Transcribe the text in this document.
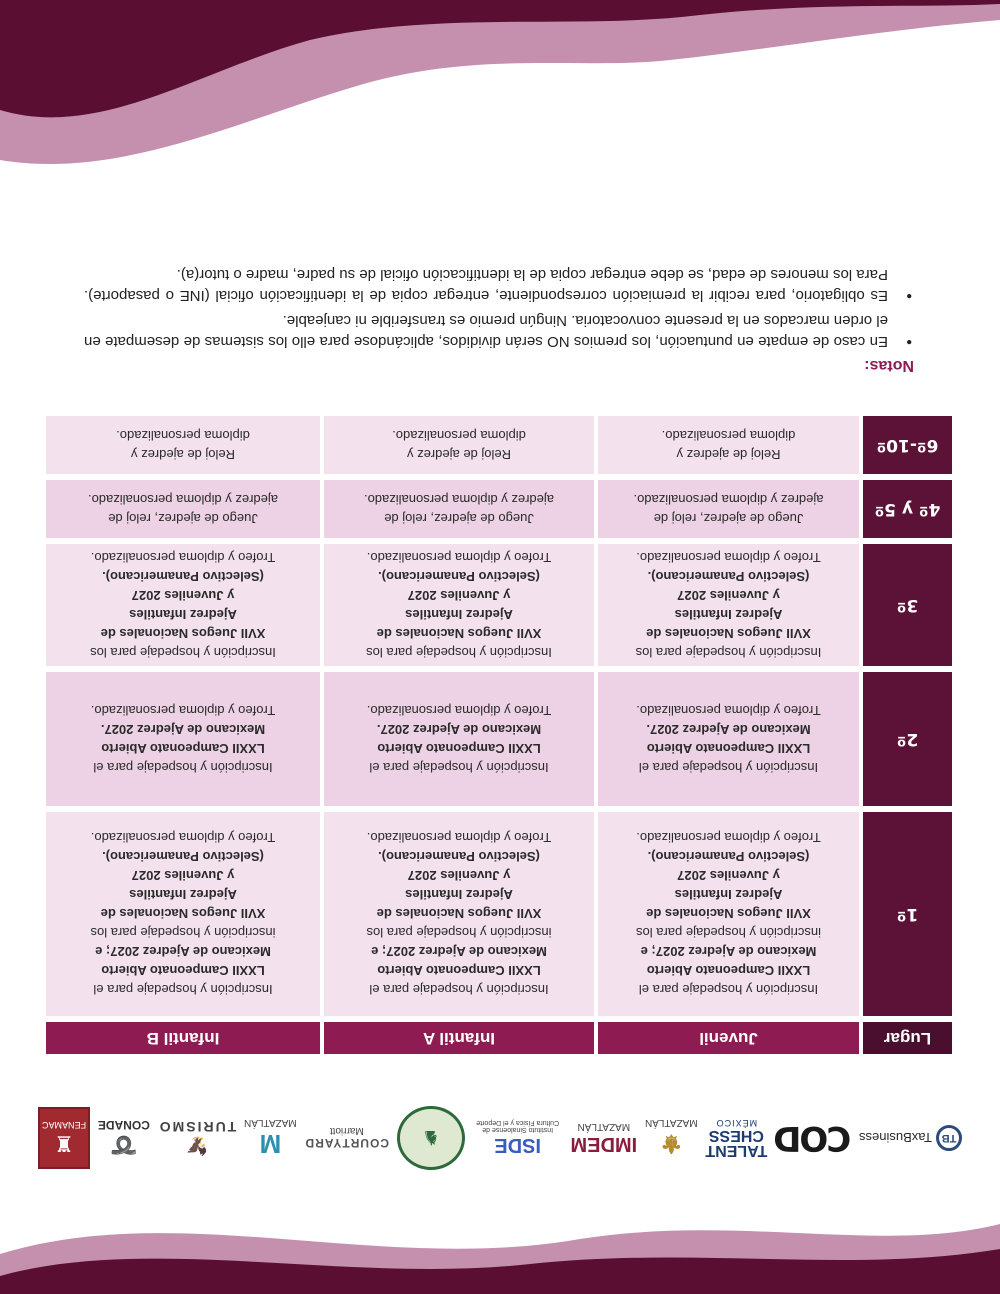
TB
TaxBusiness
COD
TALENT
CHESS
MÉXICO
⚜
MAZATLÁN
IMDEM
MAZATLÁN
ISDE
Instituto Sinaloense de Cultura Física y el Deporte
♞
COURTYARD
Marriott
M
MAZATLÁN
🦅
TURISMO
➰
CONADE
♜
FENAMAC
Lugar
Juvenil
Infantil A
Infantil B
1º
Inscripción y hospedaje para el
LXXII Campeonato Abierto
Mexicano de Ajedrez 2027; e
inscripción y hospedaje para los
XVII Juegos Nacionales de
Ajedrez Infantiles
y Juveniles 2027
(Selectivo Panamericano).
Trofeo y diploma personalizado.
Inscripción y hospedaje para el
LXXII Campeonato Abierto
Mexicano de Ajedrez 2027; e
inscripción y hospedaje para los
XVII Juegos Nacionales de
Ajedrez Infantiles
y Juveniles 2027
(Selectivo Panamericano).
Trofeo y diploma personalizado.
Inscripción y hospedaje para el
LXXII Campeonato Abierto
Mexicano de Ajedrez 2027; e
inscripción y hospedaje para los
XVII Juegos Nacionales de
Ajedrez Infantiles
y Juveniles 2027
(Selectivo Panamericano).
Trofeo y diploma personalizado.
2º
Inscripción y hospedaje para el
LXXII Campeonato Abierto
Mexicano de Ajedrez 2027.
Trofeo y diploma personalizado.
Inscripción y hospedaje para el
LXXII Campeonato Abierto
Mexicano de Ajedrez 2027.
Trofeo y diploma personalizado.
Inscripción y hospedaje para el
LXXII Campeonato Abierto
Mexicano de Ajedrez 2027.
Trofeo y diploma personalizado.
3º
Inscripción y hospedaje para los
XVII Juegos Nacionales de
Ajedrez Infantiles
y Juveniles 2027
(Selectivo Panamericano).
Trofeo y diploma personalizado.
Inscripción y hospedaje para los
XVII Juegos Nacionales de
Ajedrez Infantiles
y Juveniles 2027
(Selectivo Panamericano).
Trofeo y diploma personalizado.
Inscripción y hospedaje para los
XVII Juegos Nacionales de
Ajedrez Infantiles
y Juveniles 2027
(Selectivo Panamericano).
Trofeo y diploma personalizado.
4º y 5º
Juego de ajedrez, reloj de
ajedrez y diploma personalizado.
Juego de ajedrez, reloj de
ajedrez y diploma personalizado.
Juego de ajedrez, reloj de
ajedrez y diploma personalizado.
6º-10º
Reloj de ajedrez y
diploma personalizado.
Reloj de ajedrez y
diploma personalizado.
Reloj de ajedrez y
diploma personalizado.
Notas:
• En caso de empate en puntuación, los premios NO serán divididos, aplicándose para ello los sistemas de desempate en el orden marcados en la presente convocatoria. Ningún premio es transferible ni canjeable.
• Es obligatorio, para recibir la premiación correspondiente, entregar copia de la identificación oficial (INE o pasaporte). Para los menores de edad, se debe entregar copia de la identificación oficial de su padre, madre o tutor(a).
